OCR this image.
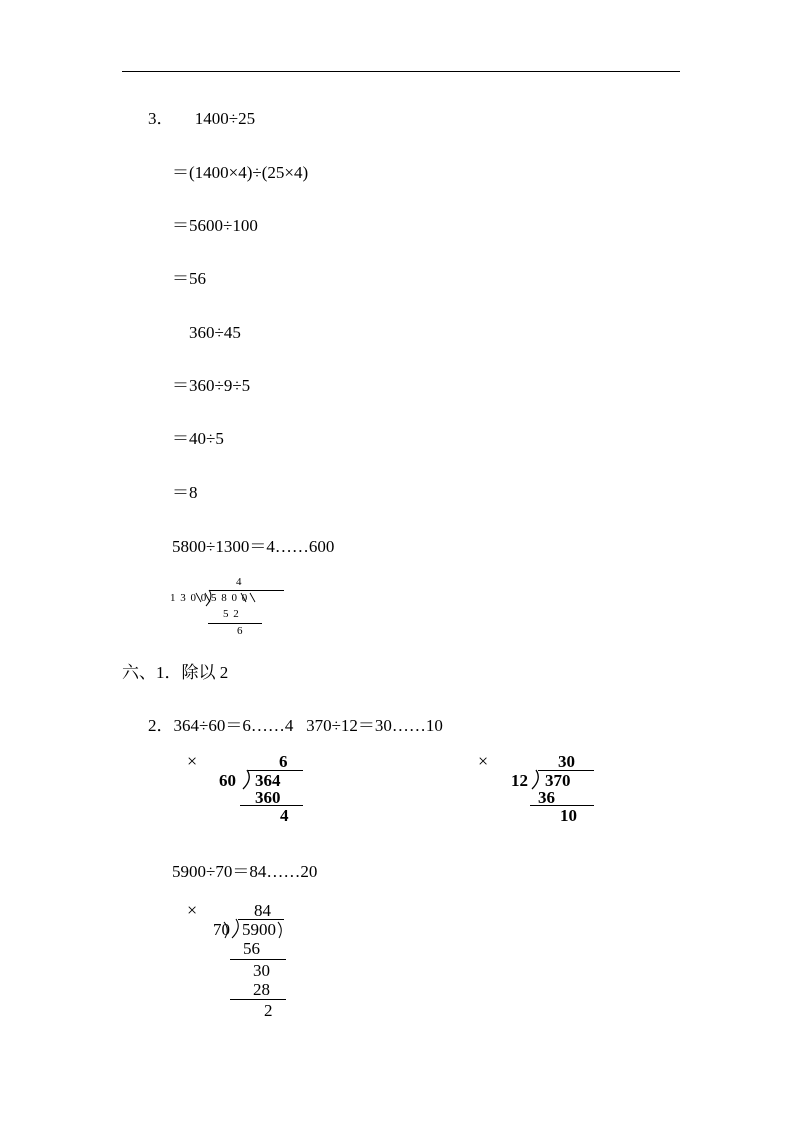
3．     1400÷25
＝(1400×4)÷(25×4)
＝5600÷100
＝56
360÷45
＝360÷9÷5
＝40÷5
＝8
5800÷1300＝4……600
4
1 3 0 0 5 8 0 0
5 2
6
六、1．除以 2
2．364÷60＝6……4   370÷12＝30……10
×	6
60 364
360
4
×	30
12 370
36
10
5900÷70＝84……20
×	84
70 5900
56
30
28
2
